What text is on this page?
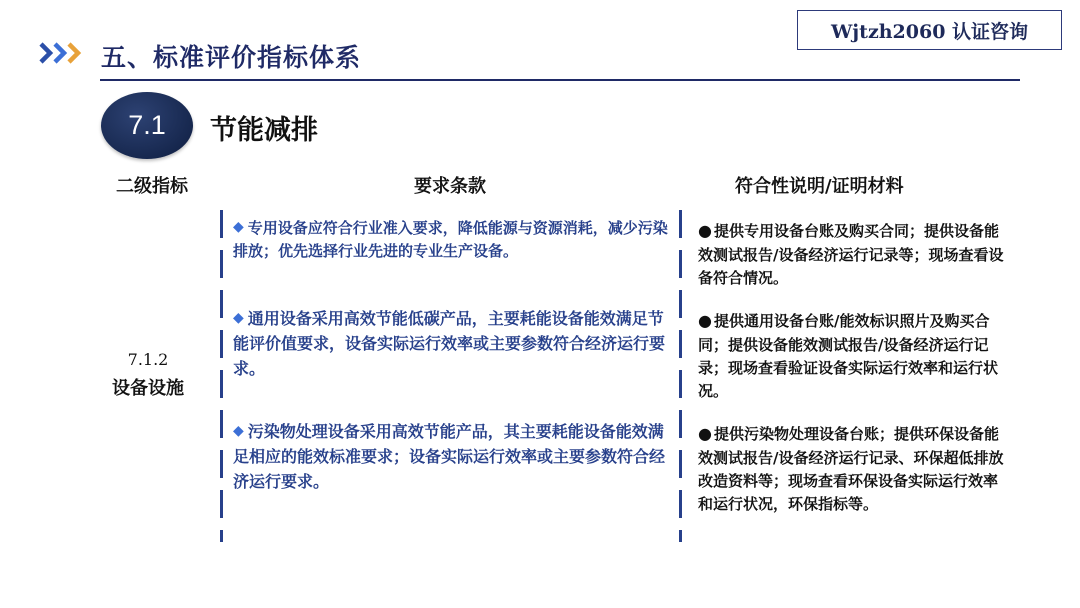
Wjtzh2060 认证咨询
五、标准评价指标体系
7.1 节能减排
二级指标	要求条款	符合性说明/证明材料
7.1.2
设备设施
◆ 专用设备应符合行业准入要求，降低能源与资源消耗，减少污染排放；优先选择行业先进的专业生产设备。
◆ 通用设备采用高效节能低碳产品，主要耗能设备能效满足节能评价值要求，设备实际运行效率或主要参数符合经济运行要求。
◆ 污染物处理设备采用高效节能产品，其主要耗能设备能效满足相应的能效标准要求；设备实际运行效率或主要参数符合经济运行要求。
● 提供专用设备台账及购买合同；提供设备能效测试报告/设备经济运行记录等；现场查看设备符合情况。
● 提供通用设备台账/能效标识照片及购买合同；提供设备能效测试报告/设备经济运行记录；现场查看验证设备实际运行效率和运行状况。
● 提供污染物处理设备台账；提供环保设备能效测试报告/设备经济运行记录、环保超低排放改造资料等；现场查看环保设备实际运行效率和运行状况，环保指标等。
